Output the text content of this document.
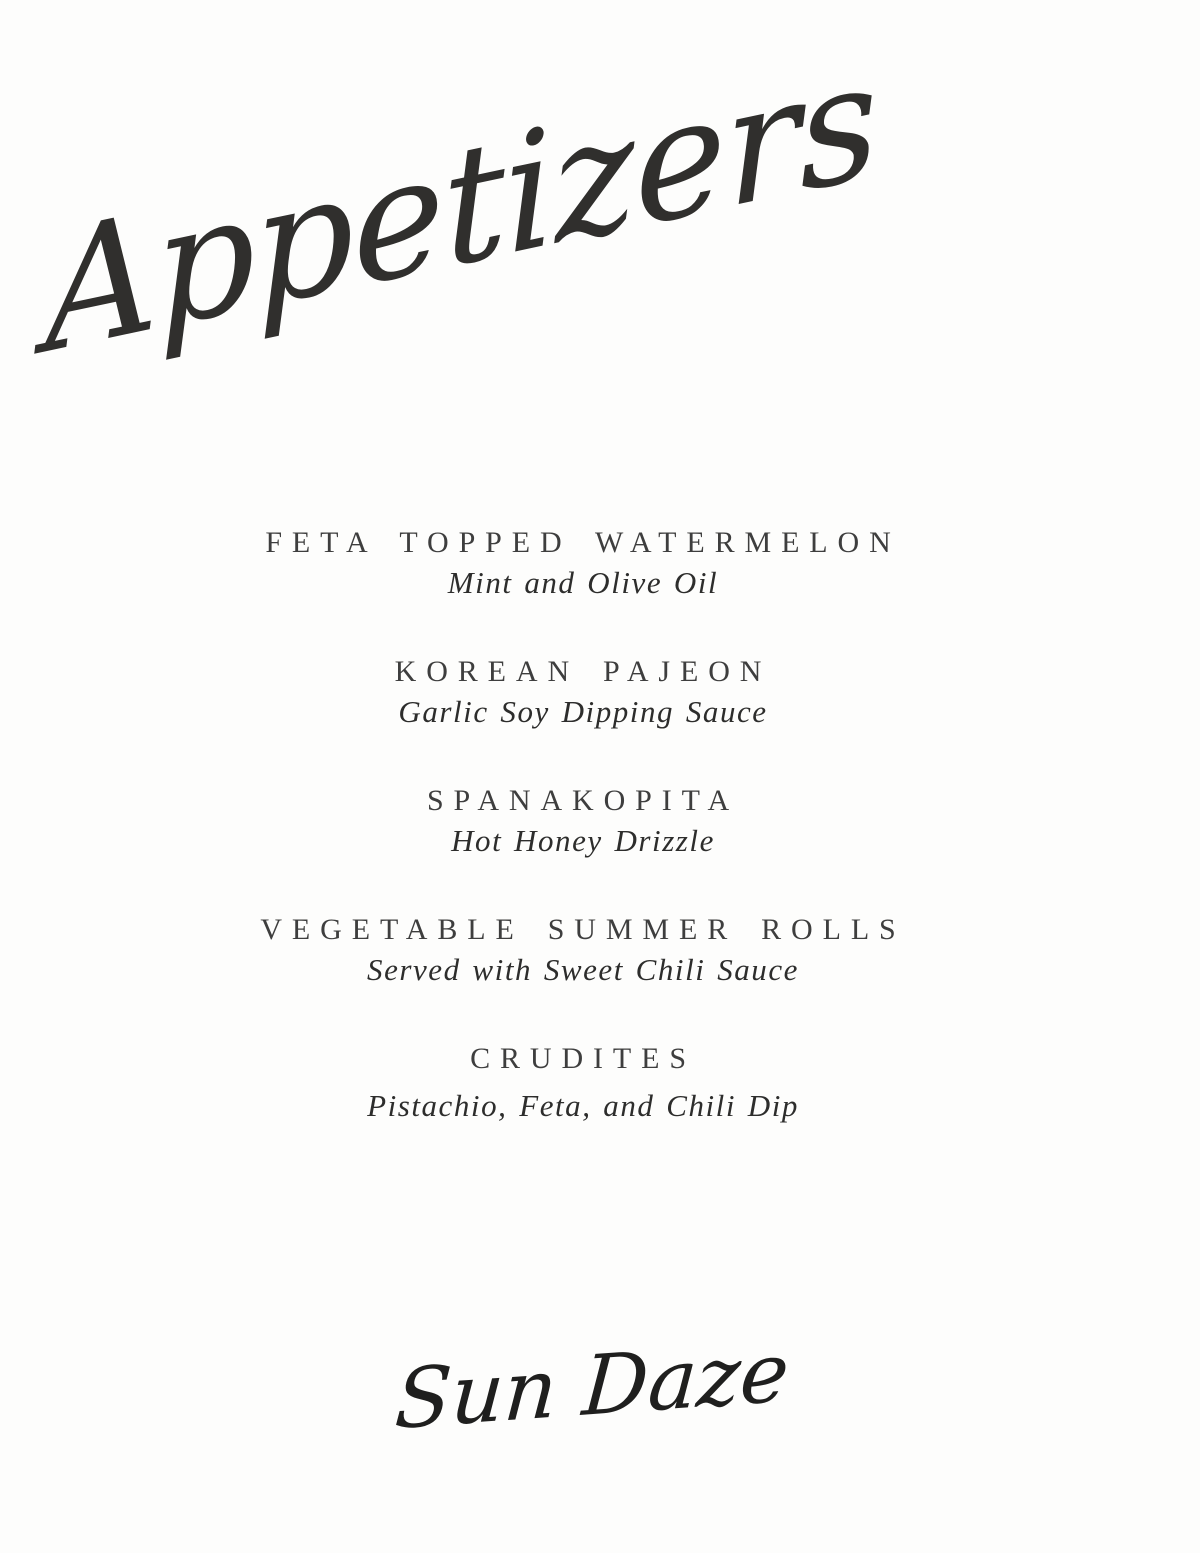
Appetizers
FETA TOPPED WATERMELON
Mint and Olive Oil
KOREAN PAJEON
Garlic Soy Dipping Sauce
SPANAKOPITA
Hot Honey Drizzle
VEGETABLE SUMMER ROLLS
Served with Sweet Chili Sauce
CRUDITES
Pistachio, Feta, and Chili Dip
Sun Daze
